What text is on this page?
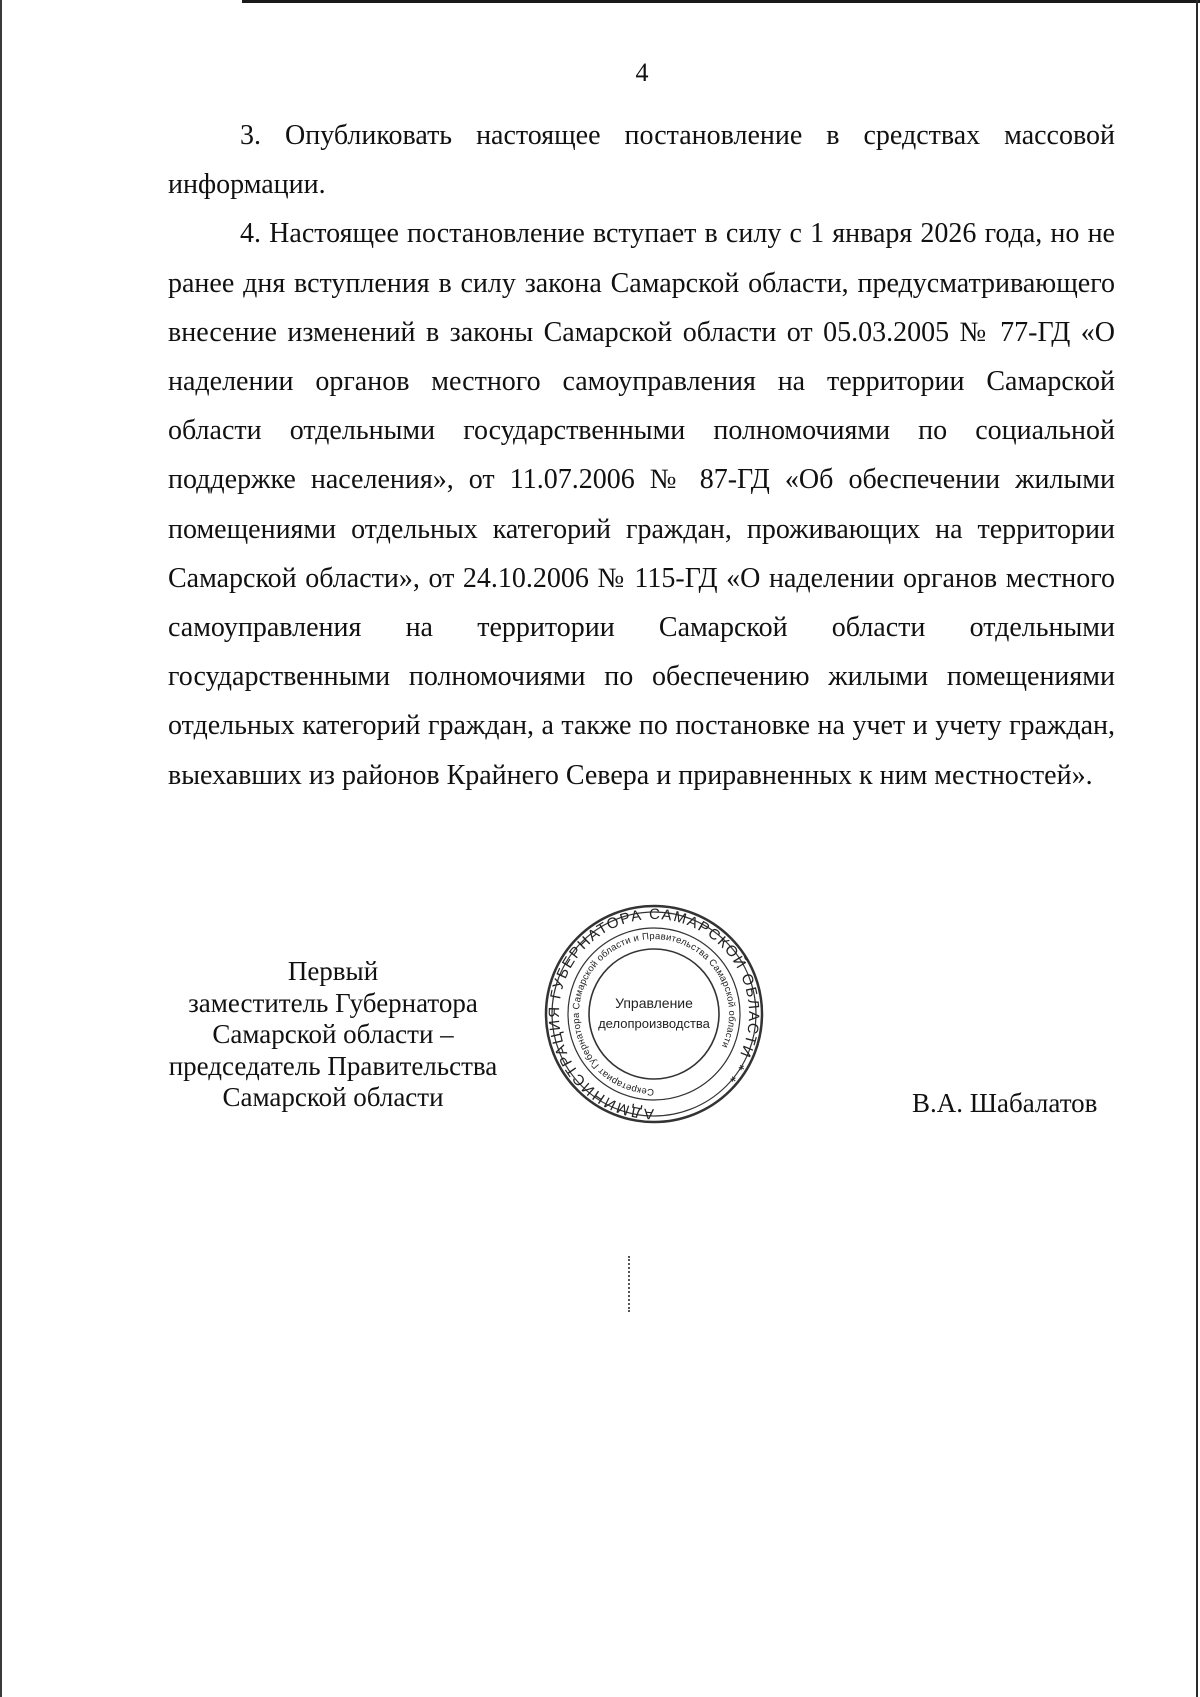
4

3. Опубликовать настоящее постановление в средствах массовой информации.

4. Настоящее постановление вступает в силу с 1 января 2026 года, но не ранее дня вступления в силу закона Самарской области, предусматривающего внесение изменений в законы Самарской области от 05.03.2005 № 77-ГД «О наделении органов местного самоуправления на территории Самарской области отдельными государственными полномочиями по социальной поддержке населения», от 11.07.2006 № 87-ГД «Об обеспечении жилыми помещениями отдельных категорий граждан, проживающих на территории Самарской области», от 24.10.2006 № 115-ГД «О наделении органов местного самоуправления на территории Самарской области отдельными государственными полномочиями по обеспечению жилыми помещениями отдельных категорий граждан, а также по постановке на учет и учету граждан, выехавших из районов Крайнего Севера и приравненных к ним местностей».

Первый
заместитель Губернатора
Самарской области –
председатель Правительства
Самарской области
АДМИНИСТРАЦИЯ ГУБЕРНАТОРА САМАРСКОЙ ОБЛАСТИ * *
Секретариат Губернатора Самарской области и Правительства Самарской области
Управление
делопроизводства
В.А. Шабалатов
